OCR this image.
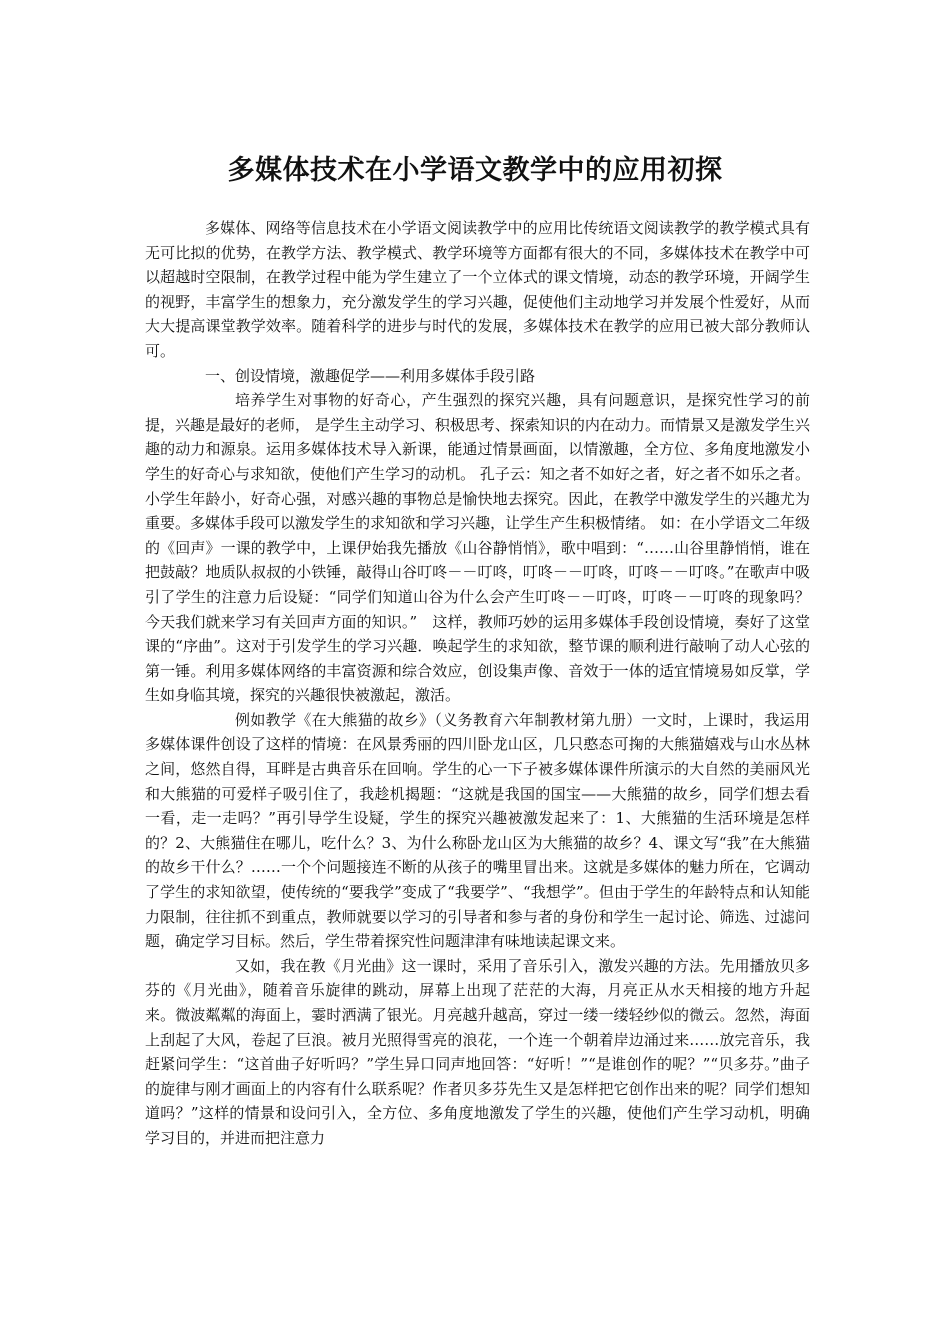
多媒体技术在小学语文教学中的应用初探

多媒体、网络等信息技术在小学语文阅读教学中的应用比传统语文阅读教学的教学模式具有无可比拟的优势，在教学方法、教学模式、教学环境等方面都有很大的不同，多媒体技术在教学中可以超越时空限制，在教学过程中能为学生建立了一个立体式的课文情境，动态的教学环境，开阔学生的视野，丰富学生的想象力，充分激发学生的学习兴趣，促使他们主动地学习并发展个性爱好，从而大大提高课堂教学效率。随着科学的进步与时代的发展，多媒体技术在教学的应用已被大部分教师认可。

一、创设情境，激趣促学——利用多媒体手段引路

培养学生对事物的好奇心，产生强烈的探究兴趣，具有问题意识，是探究性学习的前提，兴趣是最好的老师， 是学生主动学习、积极思考、探索知识的内在动力。而情景又是激发学生兴趣的动力和源泉。运用多媒体技术导入新课，能通过情景画面，以情激趣，全方位、多角度地激发小学生的好奇心与求知欲，使他们产生学习的动机。 孔子云：知之者不如好之者，好之者不如乐之者。小学生年龄小，好奇心强，对感兴趣的事物总是愉快地去探究。因此，在教学中激发学生的兴趣尤为重要。多媒体手段可以激发学生的求知欲和学习兴趣，让学生产生积极情绪。 如：在小学语文二年级的《回声》一课的教学中，上课伊始我先播放《山谷静悄悄》，歌中唱到：“……山谷里静悄悄，谁在把鼓敲？地质队叔叔的小铁锤，敲得山谷叮咚－－叮咚，叮咚－－叮咚，叮咚－－叮咚。”在歌声中吸引了学生的注意力后设疑：“同学们知道山谷为什么会产生叮咚－－叮咚，叮咚－－叮咚的现象吗？今天我们就来学习有关回声方面的知识。”　这样，教师巧妙的运用多媒体手段创设情境，奏好了这堂课的“序曲”。这对于引发学生的学习兴趣．唤起学生的求知欲，整节课的顺利进行敲响了动人心弦的第一锤。利用多媒体网络的丰富资源和综合效应，创设集声像、音效于一体的适宜情境易如反掌，学生如身临其境，探究的兴趣很快被激起，激活。

例如教学《在大熊猫的故乡》（义务教育六年制教材第九册）一文时，上课时，我运用多媒体课件创设了这样的情境：在风景秀丽的四川卧龙山区，几只憨态可掬的大熊猫嬉戏与山水丛林之间，悠然自得，耳畔是古典音乐在回响。学生的心一下子被多媒体课件所演示的大自然的美丽风光和大熊猫的可爱样子吸引住了，我趁机揭题：“这就是我国的国宝——大熊猫的故乡，同学们想去看一看，走一走吗？”再引导学生设疑，学生的探究兴趣被激发起来了：1、大熊猫的生活环境是怎样的？2、大熊猫住在哪儿，吃什么？3、为什么称卧龙山区为大熊猫的故乡？4、课文写“我”在大熊猫的故乡干什么？……一个个问题接连不断的从孩子的嘴里冒出来。这就是多媒体的魅力所在，它调动了学生的求知欲望，使传统的“要我学”变成了“我要学”、“我想学”。但由于学生的年龄特点和认知能力限制，往往抓不到重点，教师就要以学习的引导者和参与者的身份和学生一起讨论、筛选、过滤问题，确定学习目标。然后，学生带着探究性问题津津有味地读起课文来。

又如，我在教《月光曲》这一课时，采用了音乐引入，激发兴趣的方法。先用播放贝多芬的《月光曲》，随着音乐旋律的跳动，屏幕上出现了茫茫的大海，月亮正从水天相接的地方升起来。微波粼粼的海面上，霎时洒满了银光。月亮越升越高，穿过一缕一缕轻纱似的微云。忽然，海面上刮起了大风，卷起了巨浪。被月光照得雪亮的浪花，一个连一个朝着岸边涌过来……放完音乐，我赶紧问学生：“这首曲子好听吗？”学生异口同声地回答：“好听！”“是谁创作的呢？”“贝多芬。”曲子的旋律与刚才画面上的内容有什么联系呢？作者贝多芬先生又是怎样把它创作出来的呢？同学们想知道吗？”这样的情景和设问引入，全方位、多角度地激发了学生的兴趣，使他们产生学习动机，明确学习目的，并进而把注意力
